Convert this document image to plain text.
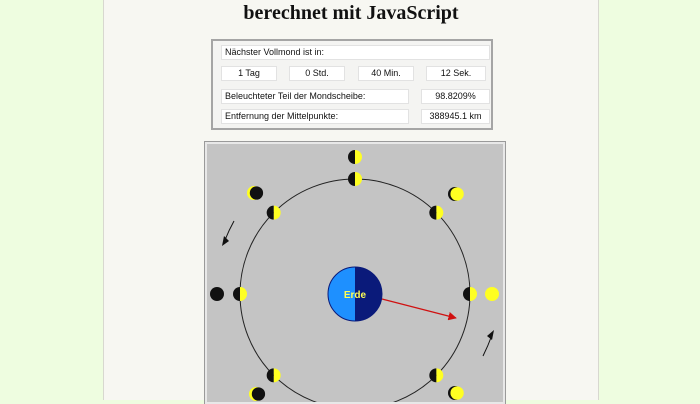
berechnet mit JavaScript
Nächster Vollmond ist in:
1 Tag	0 Std.	40 Min.	12 Sek.
Beleuchteter Teil der Mondscheibe:	98.8209%
Entfernung der Mittelpunkte:	388945.1 km
Erde
